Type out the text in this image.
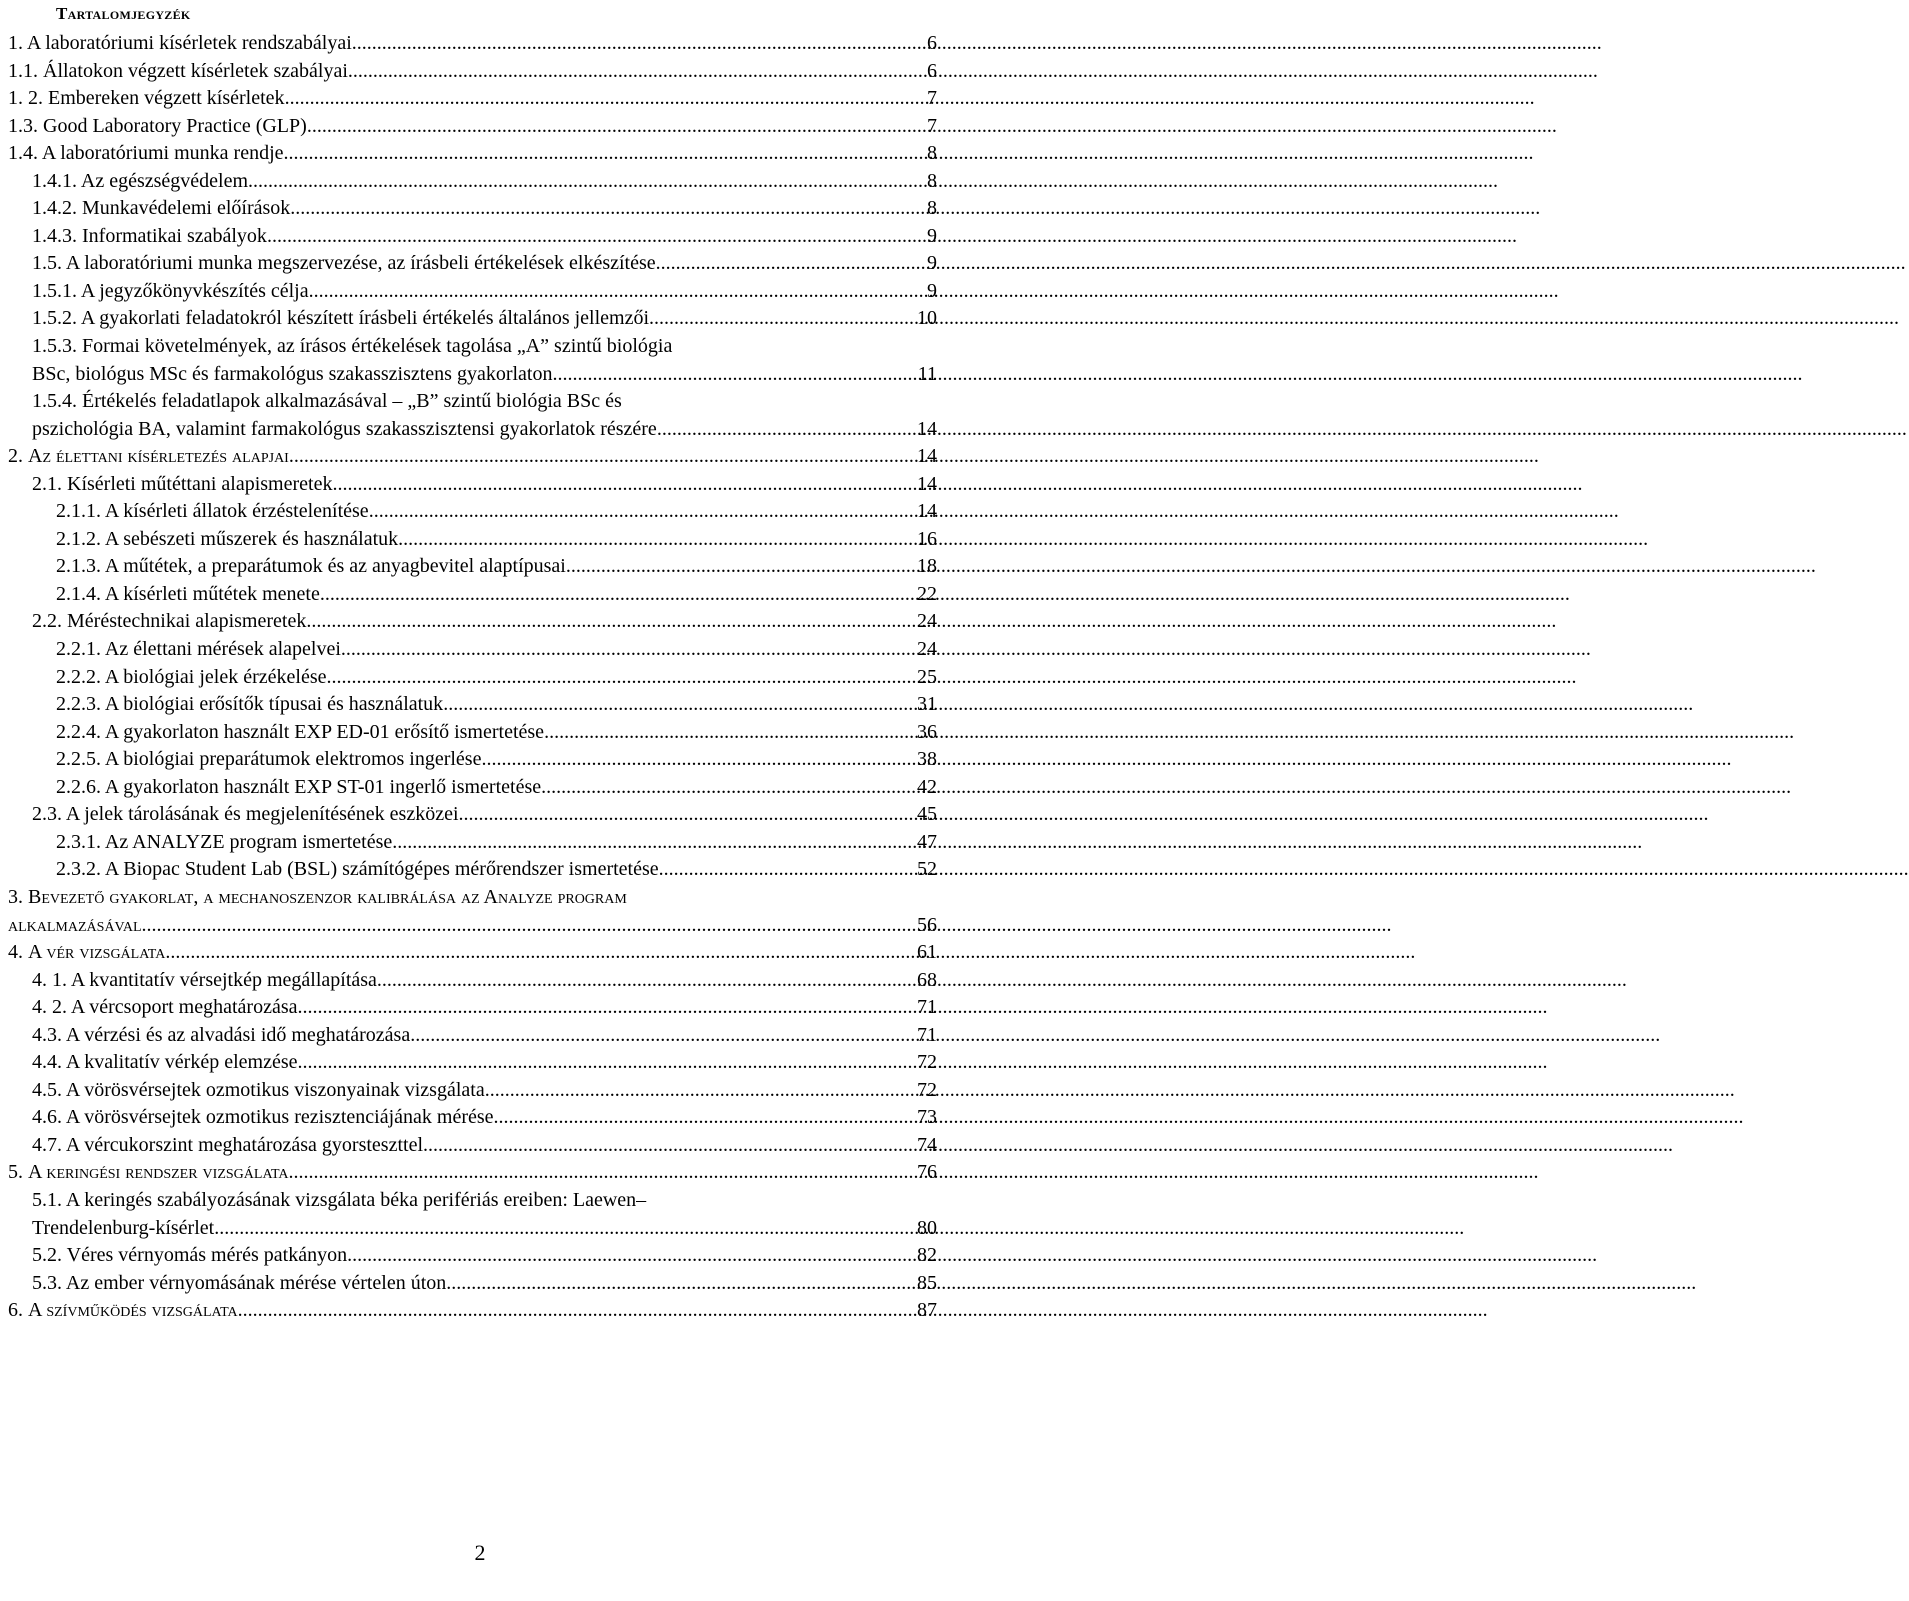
Tartalomjegyzék
1. A laboratóriumi kísérletek rendszabályai .....	6
1.1. Állatokon végzett kísérletek szabályai .....	6
1. 2. Embereken végzett kísérletek .....	7
1.3. Good Laboratory Practice (GLP) .....	7
1.4. A laboratóriumi munka rendje .....	8
1.4.1. Az egészségvédelem .....	8
1.4.2. Munkavédelemi előírások .....	8
1.4.3. Informatikai szabályok .....	9
1.5. A laboratóriumi munka megszervezése, az írásbeli értékelések elkészítése .....	9
1.5.1. A jegyzőkönyvkészítés célja .....	9
1.5.2. A gyakorlati feladatokról készített írásbeli értékelés általános jellemzői .....	10
1.5.3. Formai követelmények, az írásos értékelések tagolása „A” szintű biológia
BSc, biológus MSc és farmakológus szakasszisztens gyakorlaton .....	11
1.5.4. Értékelés feladatlapok alkalmazásával – „B” szintű biológia BSc és
pszichológia BA, valamint farmakológus szakasszisztensi gyakorlatok részére .....	14
2. Az élettani kísérletezés alapjai .....	14
2.1. Kísérleti műtéttani alapismeretek .....	14
2.1.1. A kísérleti állatok érzéstelenítése .....	14
2.1.2. A sebészeti műszerek és használatuk .....	16
2.1.3. A műtétek, a preparátumok és az anyagbevitel alaptípusai .....	18
2.1.4. A kísérleti műtétek menete .....	22
2.2. Méréstechnikai alapismeretek .....	24
2.2.1. Az élettani mérések alapelvei .....	24
2.2.2. A biológiai jelek érzékelése .....	25
2.2.3. A biológiai erősítők típusai és használatuk .....	31
2.2.4. A gyakorlaton használt EXP ED-01 erősítő ismertetése .....	36
2.2.5. A biológiai preparátumok elektromos ingerlése .....	38
2.2.6. A gyakorlaton használt EXP ST-01 ingerlő ismertetése .....	42
2.3. A jelek tárolásának és megjelenítésének eszközei .....	45
2.3.1. Az ANALYZE program ismertetése .....	47
2.3.2. A Biopac Student Lab (BSL) számítógépes mérőrendszer ismertetése .....	52
3. Bevezető gyakorlat, a mechanoszenzor kalibrálása az Analyze program
alkalmazásával .....	56
4. A vér vizsgálata .....	61
4. 1. A kvantitatív vérsejtkép megállapítása .....	68
4. 2. A vércsoport meghatározása .....	71
4.3. A vérzési és az alvadási idő meghatározása .....	71
4.4. A kvalitatív vérkép elemzése .....	72
4.5. A vörösvérsejtek ozmotikus viszonyainak vizsgálata .....	72
4.6. A vörösvérsejtek ozmotikus rezisztenciájának mérése .....	73
4.7. A vércukorszint meghatározása gyorsteszttel .....	74
5. A keringési rendszer vizsgálata .....	76
5.1. A keringés szabályozásának vizsgálata béka perifériás ereiben: Laewen–
Trendelenburg-kísérlet .....	80
5.2. Véres vérnyomás mérés patkányon .....	82
5.3. Az ember vérnyomásának mérése vértelen úton .....	85
6. A szívműködés vizsgálata .....	87
2
